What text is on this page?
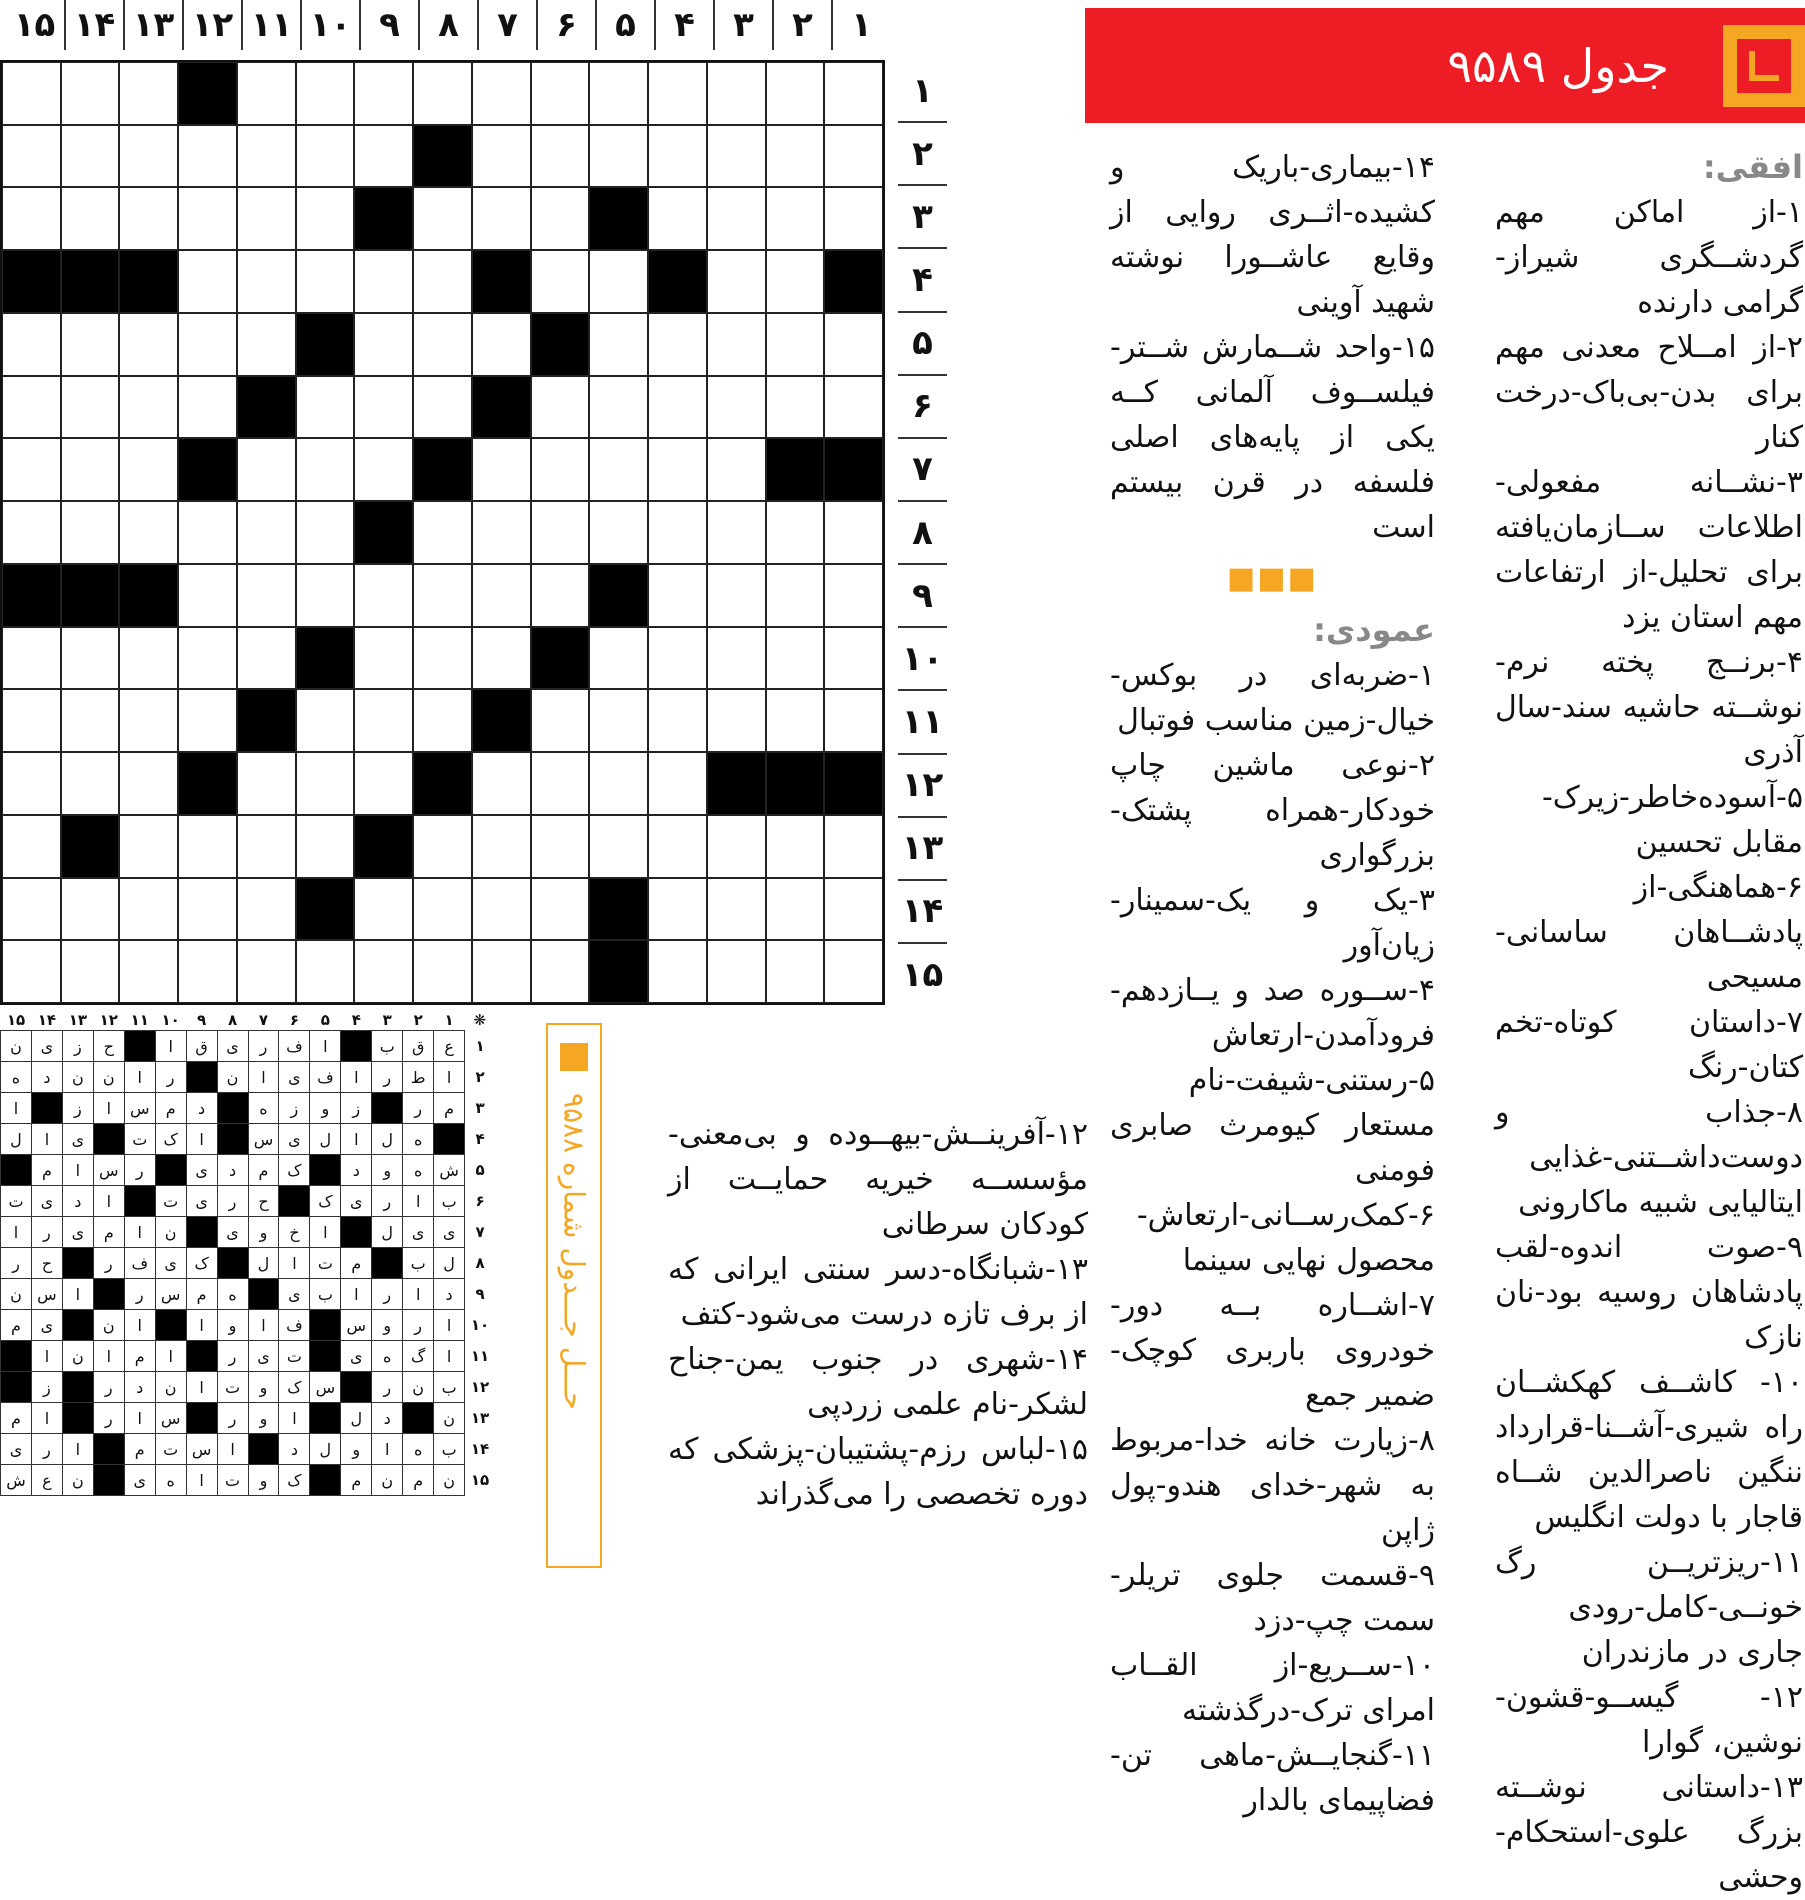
۱
۲
۳
۴
۵
۶
۷
۸
۹
۱۰
۱۱
۱۲
۱۳
۱۴
۱۵
۱
۲
۳
۴
۵
۶
۷
۸
۹
۱۰
۱۱
۱۲
۱۳
۱۴
۱۵
جدول ۹۵۸۹
افقی:

۱-از اماکن مهم گردشــگری شیراز-گرامی دارنده

۲-از امــلاح معدنی مهم برای بدن-بی‌باک-درخت کنار

۳-نشــانه مفعولی-اطلاعات ســازمان‌یافته برای تحلیل-از ارتفاعات مهم استان یزد

۴-برنــج پخته نرم-نوشــته حاشیه سند-سال آذری

۵-آسوده‌خاطر-زیرک-مقابل تحسین

۶-هماهنگی-از پادشــاهان ساسانی-مسیحی

۷-داستان کوتاه-تخم کتان-رنگ

۸-جذاب و دوست‌داشــتنی-غذایی ایتالیایی شبیه ماکارونی

۹-صوت اندوه-لقب پادشاهان روسیه بود-نان نازک

۱۰- کاشــف کهکشــان راه شیری-آشــنا-قرارداد ننگین ناصرالدین شــاه قاجار با دولت انگلیس

۱۱-ریزتریــن رگ خونــی-کامل-رودی جاری در مازندران

۱۲- گیســو-قشون-نوشین، گوارا

۱۳-داستانی نوشــته بزرگ علوی-استحکام-وحشی

۱۴-بیماری-باریک و کشیده-اثــری روایی از وقایع عاشــورا نوشته شهید آوینی

۱۵-واحد شــمارش شــتر-فیلســوف آلمانی کــه یکی از پایه‌های اصلی فلسفه در قرن بیستم است

■■■
عمودی:

۱-ضربه‌ای در بوکس-خیال-زمین مناسب فوتبال

۲-نوعی ماشین چاپ خودکار-همراه پشتک-بزرگواری

۳-یک و یک-سمینار-زیان‌آور

۴-ســوره صد و یــازدهم-فرودآمدن-ارتعاش

۵-رستنی-شیفت-نام مستعار کیومرث صابری فومنی

۶-کمک‌رســانی-ارتعاش-محصول نهایی سینما

۷-اشــاره بــه دور-خودروی باربری کوچک-ضمیر جمع

۸-زیارت خانه خدا-مربوط به شهر-خدای هندو-پول ژاپن

۹-قسمت جلوی تریلر-سمت چپ-دزد

۱۰-ســریع-از القــاب امرای ترک-درگذشته

۱۱-گنجایــش-ماهی تن-فضاپیمای بالدار

۱۲-آفرینــش-بیهــوده و بی‌معنی-مؤسســه خیریه حمایــت از کودکان سرطانی

۱۳-شبانگاه-دسر سنتی ایرانی که از برف تازه درست می‌شود-کتف

۱۴-شهری در جنوب یمن-جناح لشکر-نام علمی زردپی

۱۵-لباس رزم-پشتیبان-پزشکی که دوره تخصصی را می‌گذراند

❋	۱	۲	۳	۴	۵	۶	۷	۸	۹	۱۰	۱۱	۱۲	۱۳	۱۴	۱۵
۱	ع	ق	ب		ا	ف	ر	ی	ق	ا		ح	ز	ی	ن
۲	ا	ط	ر	ا	ف	ی	ا	ن		ر	ا	ن	ن	د	ه
۳	م	ر		ز	و	ز	ه		د	م	س	ا	ز		ا
۴		ه	ل	ا	ل	ی	س		ا	ک	ت		ی	ا	ل
۵	ش	ه	و	د		ک	م	د	ی		ر	س	ا	م	
۶	ب	ا	ر	ی	ک		ح	ر	ی	ت		ا	د	ی	ت
۷	ی	ی	ل		ا	خ	و	ی		ن	ا	م	ی	ر	ا
۸	ل	ب		م	ت	ا	ل		ک	ی	ف	ر		ح	ر
۹	د	ا	ر	ا	ب	ی		ه	م	س	ر		ا	س	ن
۱۰	ا	ر	و	س		ف	ا	و	ا		ا	ن		ی	م
۱۱	ا	گ	ه	ی		ت	ی	ر		ا	م	ا	ن	ا	
۱۲	ب	ن	ر		س	ک	و	ت	ا	ن	د	ر		ز	
۱۳	ن		د	ل		ا	و	ر		س	ا	ر		ا	م
۱۴	ب	ه	ا	و	ل	د		ا	س	ت	م		ا	ر	ی
۱۵	ن	م	ن	م		ک	و	ت	ا	ه	ی		ن	ع	ش
حـــل جـــدول شماره ۹۵۸۸
